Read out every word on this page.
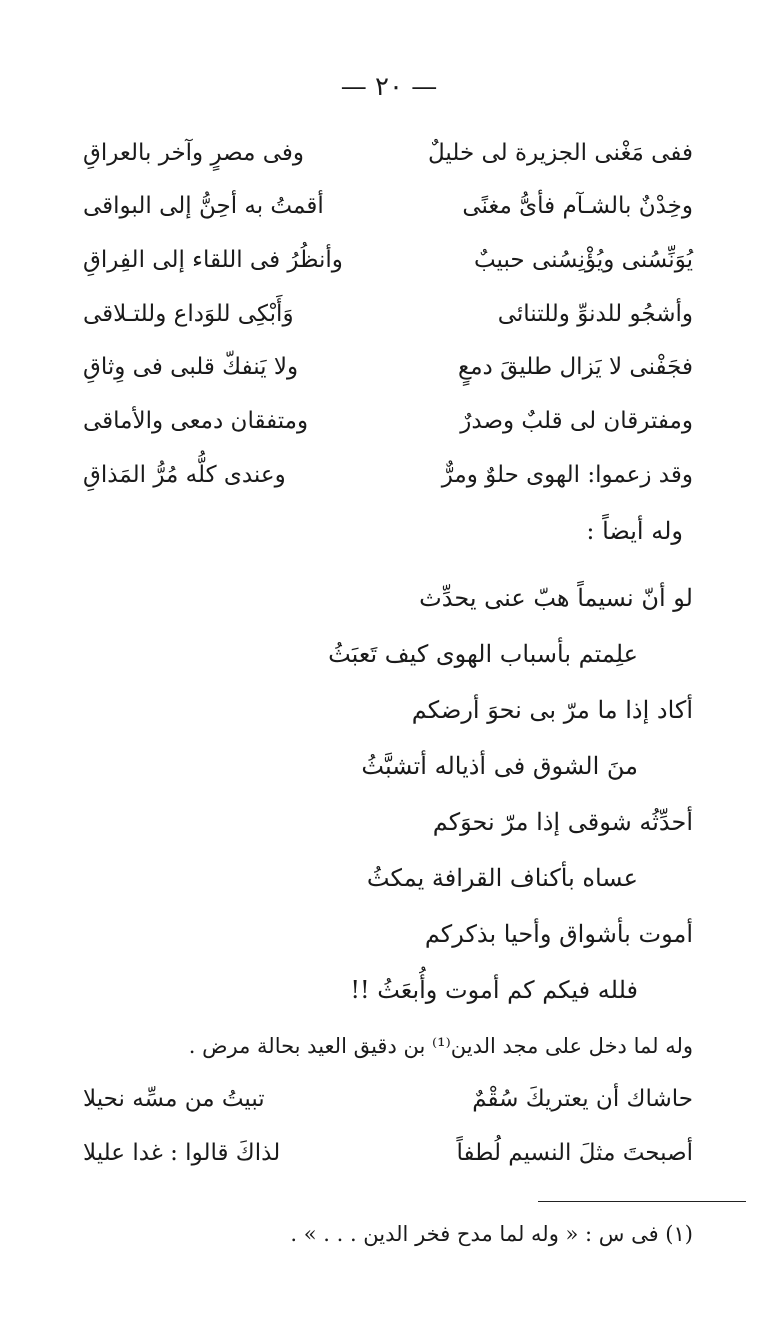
— ٢٠ —
ففى مَغْنى الجزيرة لى خليلٌ
وفى مصرٍ وآخر بالعراقِ
وخِدْنٌ بالشـآم فأىُّ مغنًى
أقمتُ به أحِنُّ إلى البواقى
يُوَنِّسُنى ويُؤْنِسُنى حبيبٌ
وأنظُرُ فى اللقاء إلى الفِراقِ
وأشجُو للدنوِّ وللتنائى
وَأَبْكِى للوَداع وللتـلاقى
فجَفْنى لا يَزال طليقَ دمعٍ
ولا يَنفكّ قلبى فى وِثاقِ
ومفترقان لى قلبٌ وصدرٌ
ومتفقان دمعى والأماقى
وقد زعموا: الهوى حلوٌ ومرٌّ
وعندى كلُّه مُرُّ المَذاقِ
وله أيضاً :
لو أنّ نسيماً هبّ عنى يحدِّث
علِمتم بأسباب الهوى كيف تَعبَثُ
أكاد إذا ما مرّ بى نحوَ أرضكم
منَ الشوق فى أذياله أتشبَّثُ
أحدِّثُه شوقى إذا مرّ نحوَكم
عساه بأكناف القرافة يمكثُ
أموت بأشواق وأحيا بذكركم
فلله فيكم كم أموت وأُبعَثُ !!
وله لما دخل على مجد الدين⁽¹⁾ بن دقيق العيد بحالة مرض .
حاشاك أن يعتريكَ سُقْمٌ
تبيتُ من مسِّه نحيلا
أصبحتَ مثلَ النسيم لُطفاً
لذاكَ قالوا : غدا عليلا
(١) فى س : « وله لما مدح فخر الدين . . . » .
